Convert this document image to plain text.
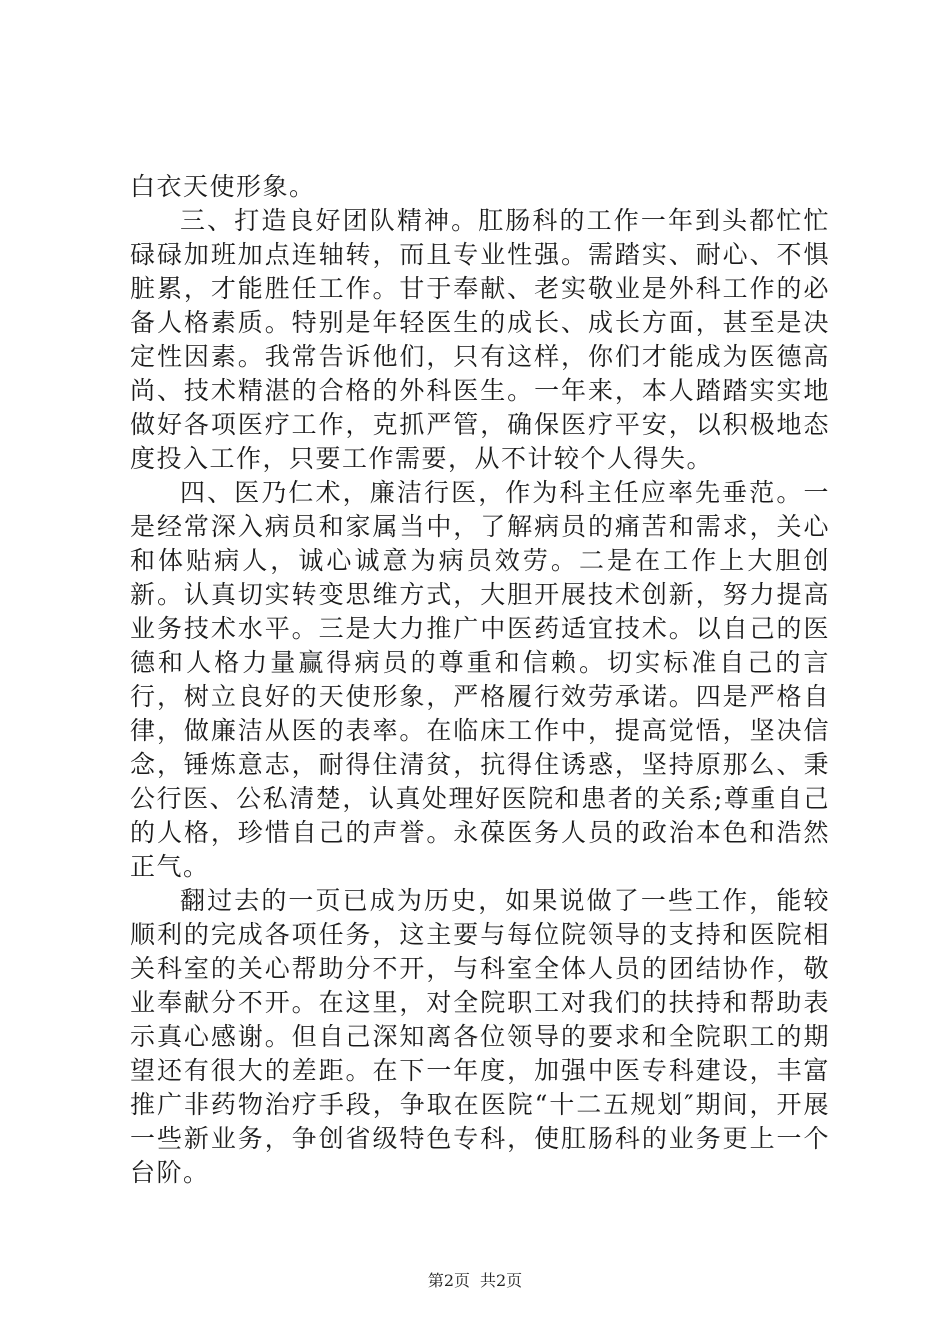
白衣天使形象。

三、打造良好团队精神。肛肠科的工作一年到头都忙忙碌碌加班加点连轴转，而且专业性强。需踏实、耐心、不惧脏累，才能胜任工作。甘于奉献、老实敬业是外科工作的必备人格素质。特别是年轻医生的成长、成长方面，甚至是决定性因素。我常告诉他们，只有这样，你们才能成为医德高尚、技术精湛的合格的外科医生。一年来，本人踏踏实实地做好各项医疗工作，克抓严管，确保医疗平安，以积极地态度投入工作，只要工作需要，从不计较个人得失。

四、医乃仁术，廉洁行医，作为科主任应率先垂范。一是经常深入病员和家属当中，了解病员的痛苦和需求，关心和体贴病人，诚心诚意为病员效劳。二是在工作上大胆创新。认真切实转变思维方式，大胆开展技术创新，努力提高业务技术水平。三是大力推广中医药适宜技术。以自己的医德和人格力量赢得病员的尊重和信赖。切实标准自己的言行，树立良好的天使形象，严格履行效劳承诺。四是严格自律，做廉洁从医的表率。在临床工作中，提高觉悟，坚决信念，锤炼意志，耐得住清贫，抗得住诱惑，坚持原那么、秉公行医、公私清楚，认真处理好医院和患者的关系;尊重自己的人格，珍惜自己的声誉。永葆医务人员的政治本色和浩然正气。

翻过去的一页已成为历史，如果说做了一些工作，能较顺利的完成各项任务，这主要与每位院领导的支持和医院相关科室的关心帮助分不开，与科室全体人员的团结协作，敬业奉献分不开。在这里，对全院职工对我们的扶持和帮助表示真心感谢。但自己深知离各位领导的要求和全院职工的期望还有很大的差距。在下一年度，加强中医专科建设，丰富推广非药物治疗手段，争取在医院“十二五规划″期间，开展一些新业务，争创省级特色专科，使肛肠科的业务更上一个台阶。

第2页 共2页
